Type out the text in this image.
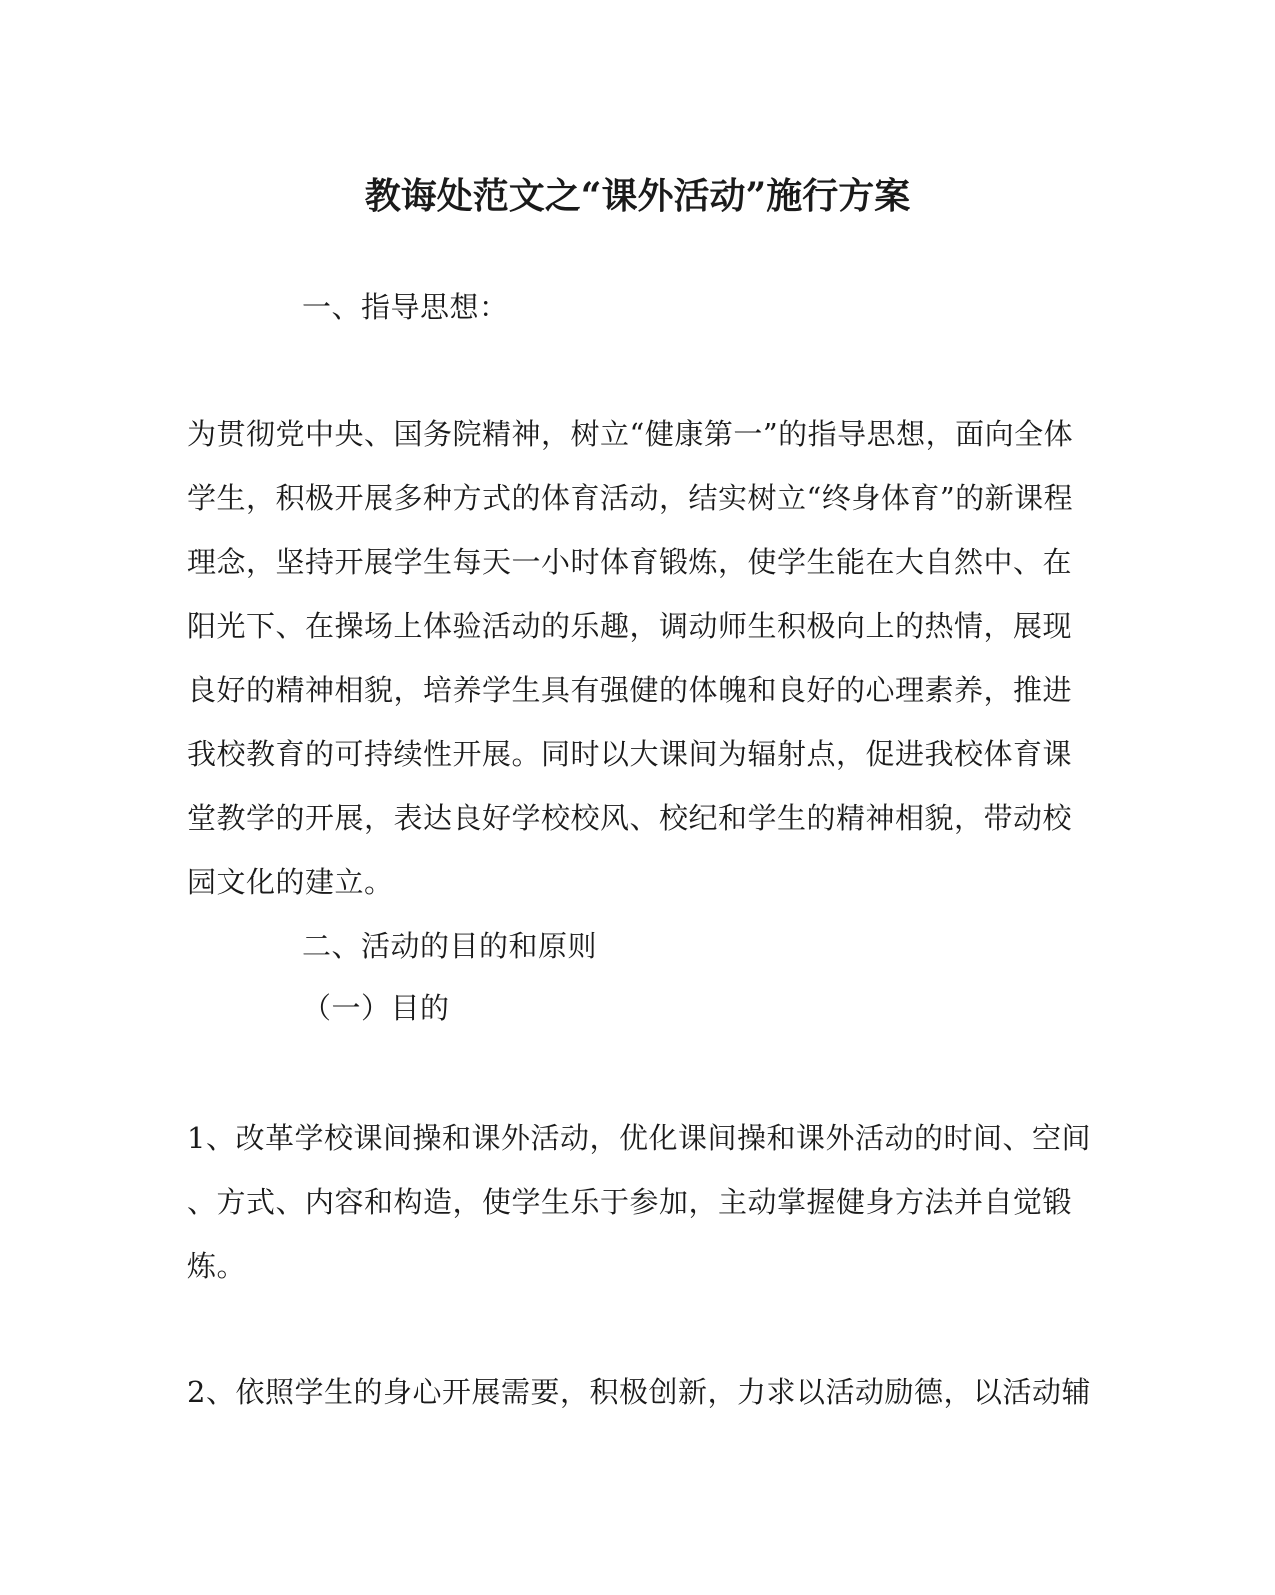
教诲处范文之“课外活动”施行方案
一、指导思想：
为贯彻党中央、国务院精神，树立“健康第一”的指导思想，面向全体
学生，积极开展多种方式的体育活动，结实树立“终身体育”的新课程
理念，坚持开展学生每天一小时体育锻炼，使学生能在大自然中、在
阳光下、在操场上体验活动的乐趣，调动师生积极向上的热情，展现
良好的精神相貌，培养学生具有强健的体魄和良好的心理素养，推进
我校教育的可持续性开展。同时以大课间为辐射点，促进我校体育课
堂教学的开展，表达良好学校校风、校纪和学生的精神相貌，带动校
园文化的建立。
二、活动的目的和原则
（一）目的
1、改革学校课间操和课外活动，优化课间操和课外活动的时间、空间
、方式、内容和构造，使学生乐于参加，主动掌握健身方法并自觉锻
炼。
2、依照学生的身心开展需要，积极创新，力求以活动励德，以活动辅
